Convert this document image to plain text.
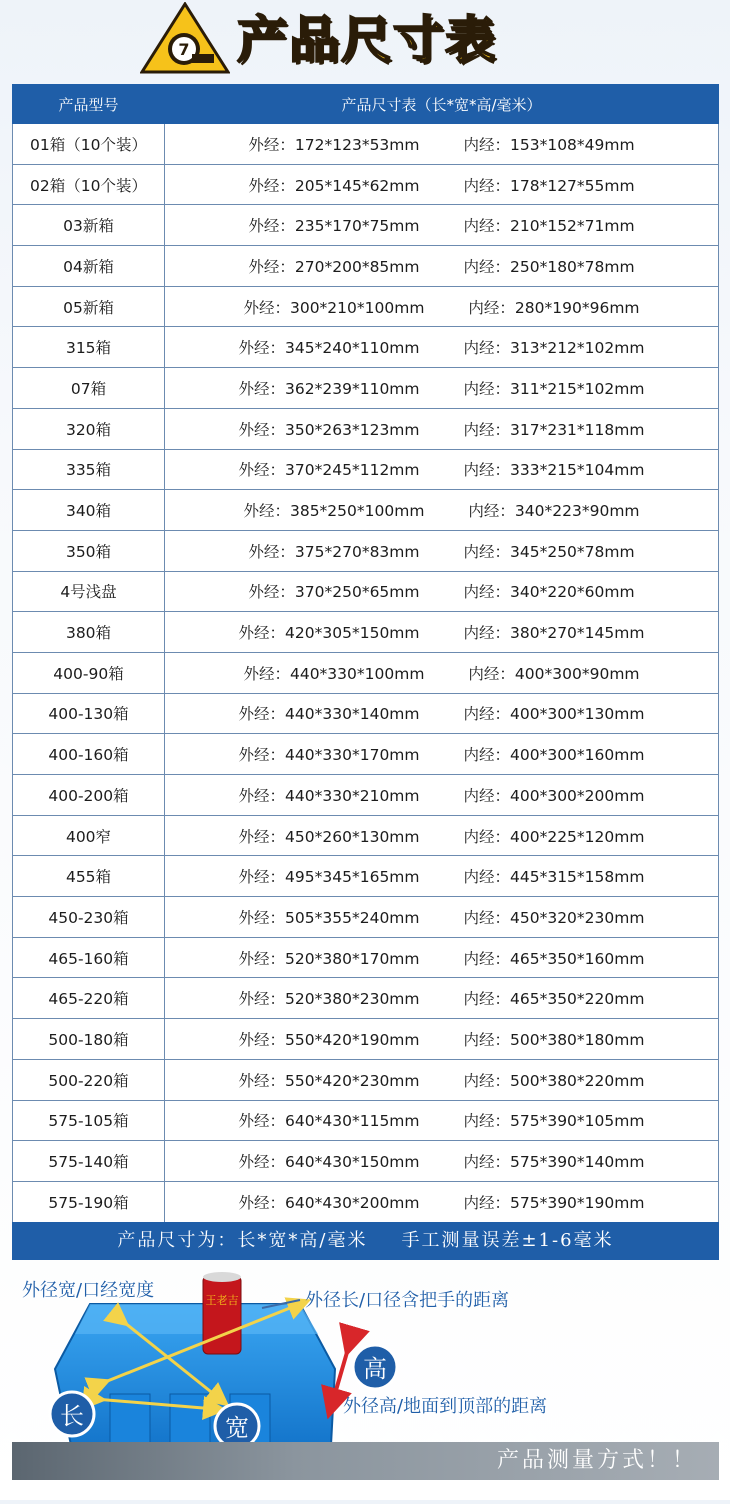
7 产品尺寸表
产品型号	产品尺寸表（长*宽*高/毫米）
01箱（10个装）	外经：172*123*53mm 内经：153*108*49mm

02箱（10个装）	外经：205*145*62mm 内经：178*127*55mm

03新箱	外经：235*170*75mm 内经：210*152*71mm

04新箱	外经：270*200*85mm 内经：250*180*78mm

05新箱	外经：300*210*100mm 内经：280*190*96mm

315箱	外经：345*240*110mm 内经：313*212*102mm

07箱	外经：362*239*110mm 内经：311*215*102mm

320箱	外经：350*263*123mm 内经：317*231*118mm

335箱	外经：370*245*112mm 内经：333*215*104mm

340箱	外经：385*250*100mm 内经：340*223*90mm

350箱	外经：375*270*83mm 内经：345*250*78mm

4号浅盘	外经：370*250*65mm 内经：340*220*60mm

380箱	外经：420*305*150mm 内经：380*270*145mm

400-90箱	外经：440*330*100mm 内经：400*300*90mm

400-130箱	外经：440*330*140mm 内经：400*300*130mm

400-160箱	外经：440*330*170mm 内经：400*300*160mm

400-200箱	外经：440*330*210mm 内经：400*300*200mm

400窄	外经：450*260*130mm 内经：400*225*120mm

455箱	外经：495*345*165mm 内经：445*315*158mm

450-230箱	外经：505*355*240mm 内经：450*320*230mm

465-160箱	外经：520*380*170mm 内经：465*350*160mm

465-220箱	外经：520*380*230mm 内经：465*350*220mm

500-180箱	外经：550*420*190mm 内经：500*380*180mm

500-220箱	外经：550*420*230mm 内经：500*380*220mm

575-105箱	外经：640*430*115mm 内经：575*390*105mm

575-140箱	外经：640*430*150mm 内经：575*390*140mm

575-190箱	外经：640*430*200mm 内经：575*390*190mm
产品尺寸为：长*宽*高/毫米 手工测量误差±1-6毫米
王老吉
长	宽
高
外径宽/口经宽度	外径长/口径含把手的距离
外径高/地面到顶部的距离
产品测量方式！！
